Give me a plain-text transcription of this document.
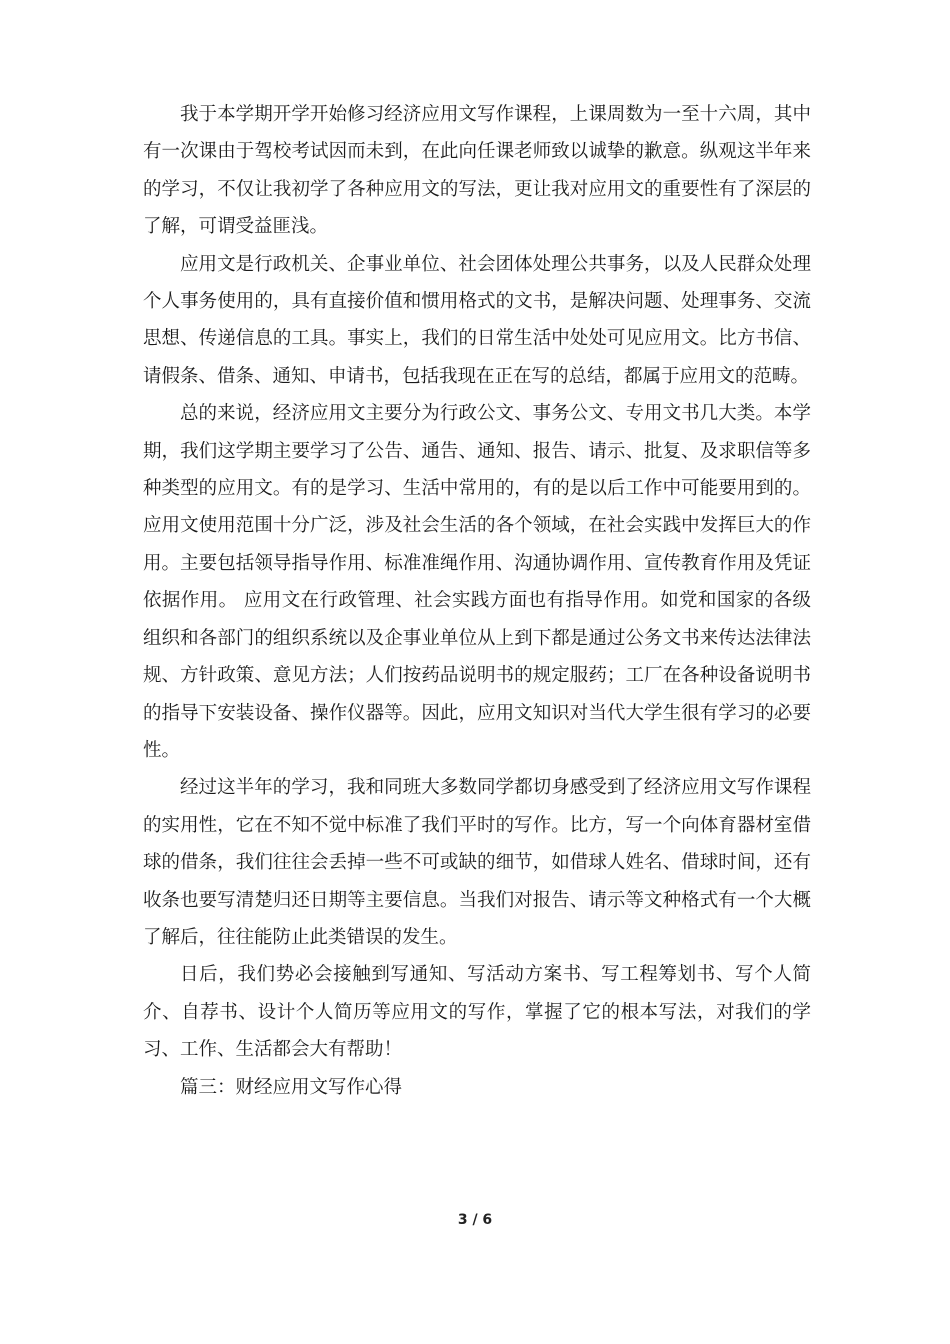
我于本学期开学开始修习经济应用文写作课程，上课周数为一至十六周，其中有一次课由于驾校考试因而未到，在此向任课老师致以诚挚的歉意。纵观这半年来的学习，不仅让我初学了各种应用文的写法，更让我对应用文的重要性有了深层的了解，可谓受益匪浅。

应用文是行政机关、企事业单位、社会团体处理公共事务，以及人民群众处理个人事务使用的，具有直接价值和惯用格式的文书，是解决问题、处理事务、交流思想、传递信息的工具。事实上，我们的日常生活中处处可见应用文。比方书信、请假条、借条、通知、申请书，包括我现在正在写的总结，都属于应用文的范畴。

总的来说，经济应用文主要分为行政公文、事务公文、专用文书几大类。本学期，我们这学期主要学习了公告、通告、通知、报告、请示、批复、及求职信等多种类型的应用文。有的是学习、生活中常用的，有的是以后工作中可能要用到的。应用文使用范围十分广泛，涉及社会生活的各个领域，在社会实践中发挥巨大的作用。主要包括领导指导作用、标准准绳作用、沟通协调作用、宣传教育作用及凭证依据作用。 应用文在行政管理、社会实践方面也有指导作用。如党和国家的各级组织和各部门的组织系统以及企事业单位从上到下都是通过公务文书来传达法律法规、方针政策、意见方法；人们按药品说明书的规定服药；工厂在各种设备说明书的指导下安装设备、操作仪器等。因此，应用文知识对当代大学生很有学习的必要性。

经过这半年的学习，我和同班大多数同学都切身感受到了经济应用文写作课程的实用性，它在不知不觉中标准了我们平时的写作。比方，写一个向体育器材室借球的借条，我们往往会丢掉一些不可或缺的细节，如借球人姓名、借球时间，还有收条也要写清楚归还日期等主要信息。当我们对报告、请示等文种格式有一个大概了解后，往往能防止此类错误的发生。

日后，我们势必会接触到写通知、写活动方案书、写工程筹划书、写个人简介、自荐书、设计个人简历等应用文的写作，掌握了它的根本写法，对我们的学习、工作、生活都会大有帮助！

篇三：财经应用文写作心得

3 / 6
